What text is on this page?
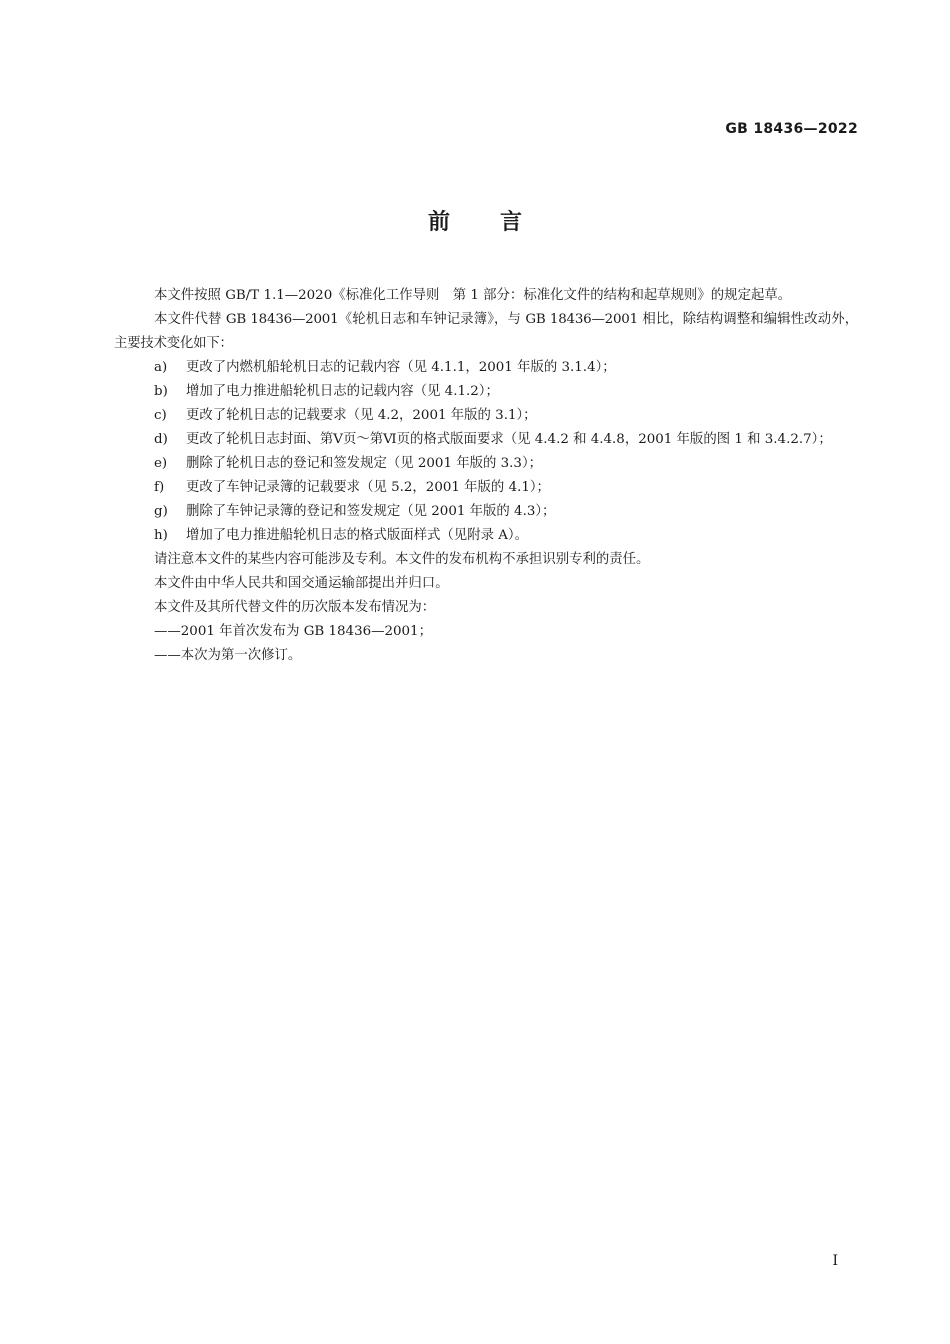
GB 18436—2022
前言

本文件按照 GB/T 1.1—2020《标准化工作导则　第 1 部分：标准化文件的结构和起草规则》的规定起草。

本文件代替 GB 18436—2001《轮机日志和车钟记录簿》，与 GB 18436—2001 相比，除结构调整和编辑性改动外，主要技术变化如下：

a)	更改了内燃机船轮机日志的记载内容（见 4.1.1，2001 年版的 3.1.4）；
b)	增加了电力推进船轮机日志的记载内容（见 4.1.2）；
c)	更改了轮机日志的记载要求（见 4.2，2001 年版的 3.1）；
d)	更改了轮机日志封面、第Ⅴ页～第Ⅵ页的格式版面要求（见 4.4.2 和 4.4.8，2001 年版的图 1 和 3.4.2.7）；
e)	删除了轮机日志的登记和签发规定（见 2001 年版的 3.3）；
f)	更改了车钟记录簿的记载要求（见 5.2，2001 年版的 4.1）；
g)	删除了车钟记录簿的登记和签发规定（见 2001 年版的 4.3）；
h)	增加了电力推进船轮机日志的格式版面样式（见附录 A）。

请注意本文件的某些内容可能涉及专利。本文件的发布机构不承担识别专利的责任。

本文件由中华人民共和国交通运输部提出并归口。

本文件及其所代替文件的历次版本发布情况为：

——2001 年首次发布为 GB 18436—2001；

——本次为第一次修订。

I
